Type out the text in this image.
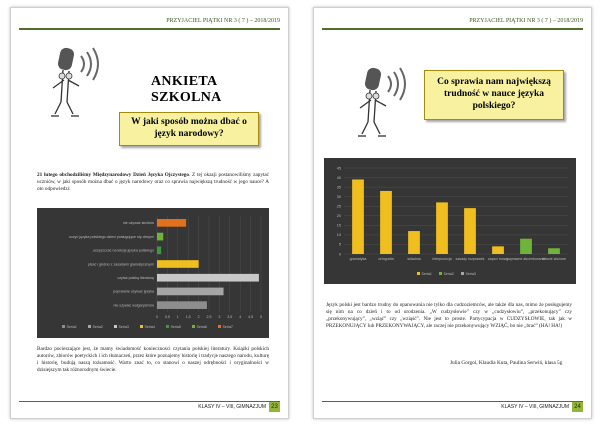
PRZYJACIEL PIĄTKI NR 3 ( 7 ) – 2018/2019
ANKIETA SZKOLNA
W jaki sposób można dbać o język narodowy?
21 lutego obchodziliśmy Międzynarodowy Dzień Języka Ojczystego. Z tej okazji postanowiliśmy zapytać uczniów, w jaki sposób można dbać o język narodowy oraz co sprawia największą trudność w jego nauce? A oto odpowiedzi:
0 0,5 1 1,5 2 2,5 3 3,5 4 4,5 5
nie używać wulgaryzmów
poprawnie używać języka
czytać polską literaturę
pisać i głośno z zasadami gramatycznymi
uczęszczać na lekcje języka polskiego
uczyć języka polskiego dzieci posługujące się obcymi
nie używać skrótów
Seria1	Seria2	Seria3	Seria4	Seria5	Seria6	Seria7
Bardzo pocieszające jest, że mamy świadomość konieczności czytania polskiej literatury. Książki polskich autorów, zbiorów poetyckich i ich tłumaczeń, przez które poznajemy historię i tradycje naszego narodu, kulturę i historię, budują naszą tożsamość. Warto znać to, co stanowi o naszej odrębności i oryginalności w dzisiejszym tak różnorodnym świecie.
KLASY IV – VIII, GIMNAZJUM 23
PRZYJACIEL PIĄTKI NR 3 ( 7 ) – 2018/2019
Co sprawia nam największą trudność w nauce języka polskiego?
0
5
10
15
20
25
30
35
40
45
gramatyka	ortografia	składnia	interpunkcja zasady rozprawek części mowy
poprawne akcentowanie
zdanie złożone
Seria1	Seria2	Seria3
Język polski jest bardzo trudny do opanowania nie tylko dla cudzoziemców, ale także dla nas, mimo że posługujemy się nim na co dzień i to od urodzenia. „W cudzysłowie” czy w „cudzysłowiu”, „przekonujący” czy „przekonywujący”, „wziąć” czy „wziąść”. Nie jest to proste. Partycypacja w CUDZYSŁOWIE, tak jak w PRZEKONUJĄCY lub PRZEKONYWAJĄCY, ale raczej nie przekonywujący WZIĄĆ, bo nie „brać” (HA! HA!)
Julia Gorgol, Klaudia Kuta, Paulina Serwiń, klasa 5g
KLASY IV – VIII, GIMNAZJUM 24
